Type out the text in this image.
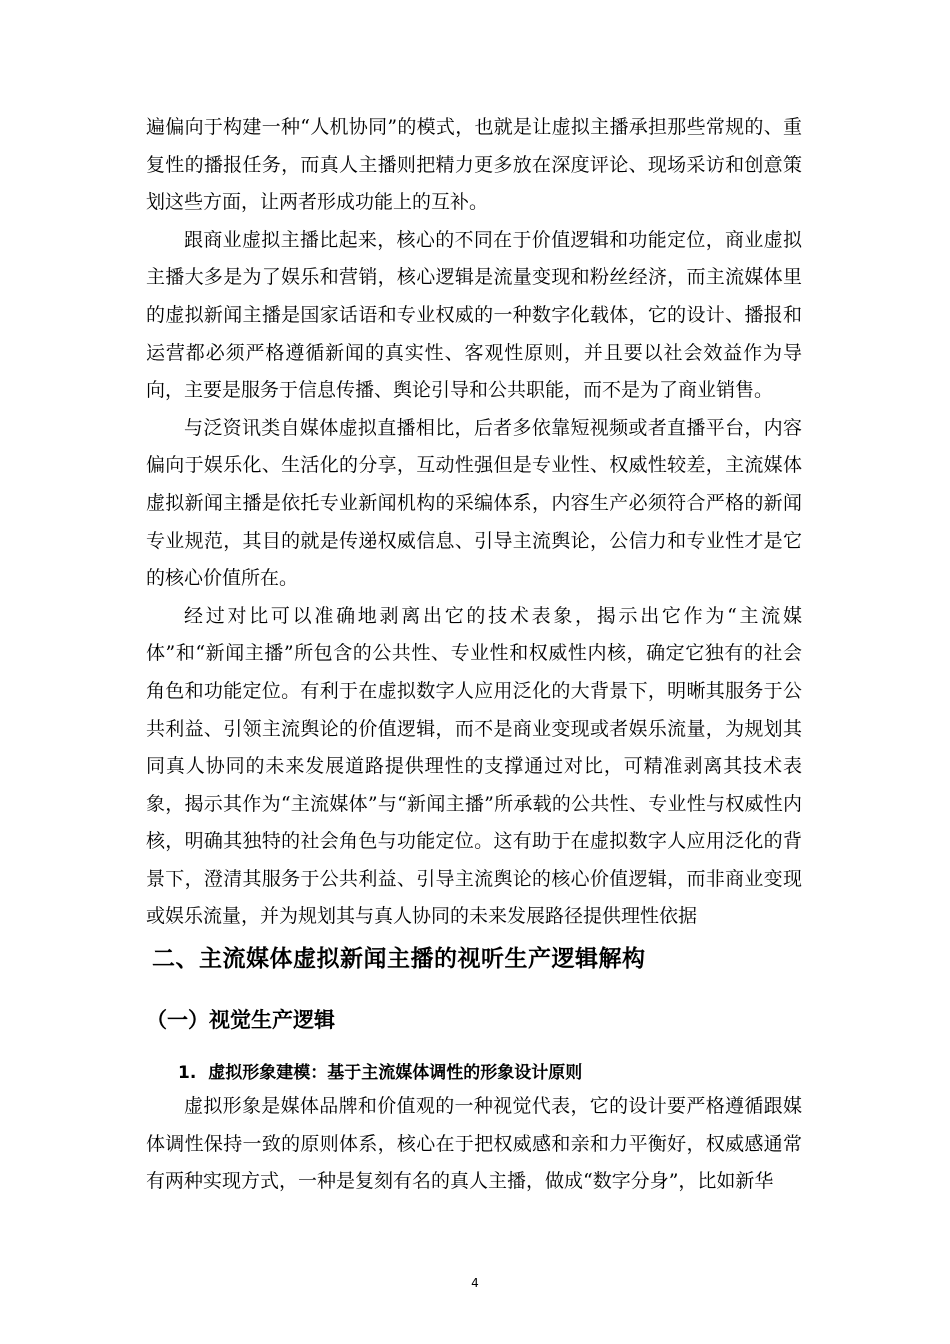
遍偏向于构建一种“人机协同”的模式，也就是让虚拟主播承担那些常规的、重复性的播报任务，而真人主播则把精力更多放在深度评论、现场采访和创意策划这些方面，让两者形成功能上的互补。

跟商业虚拟主播比起来，核心的不同在于价值逻辑和功能定位，商业虚拟主播大多是为了娱乐和营销，核心逻辑是流量变现和粉丝经济，而主流媒体里的虚拟新闻主播是国家话语和专业权威的一种数字化载体，它的设计、播报和运营都必须严格遵循新闻的真实性、客观性原则，并且要以社会效益作为导向，主要是服务于信息传播、舆论引导和公共职能，而不是为了商业销售。

与泛资讯类自媒体虚拟直播相比，后者多依靠短视频或者直播平台，内容偏向于娱乐化、生活化的分享，互动性强但是专业性、权威性较差，主流媒体虚拟新闻主播是依托专业新闻机构的采编体系，内容生产必须符合严格的新闻专业规范，其目的就是传递权威信息、引导主流舆论，公信力和专业性才是它的核心价值所在。

经过对比可以准确地剥离出它的技术表象，揭示出它作为“主流媒体”和“新闻主播”所包含的公共性、专业性和权威性内核，确定它独有的社会角色和功能定位。有利于在虚拟数字人应用泛化的大背景下，明晰其服务于公共利益、引领主流舆论的价值逻辑，而不是商业变现或者娱乐流量，为规划其同真人协同的未来发展道路提供理性的支撑通过对比，可精准剥离其技术表象，揭示其作为“主流媒体”与“新闻主播”所承载的公共性、专业性与权威性内核，明确其独特的社会角色与功能定位。这有助于在虚拟数字人应用泛化的背景下，澄清其服务于公共利益、引导主流舆论的核心价值逻辑，而非商业变现或娱乐流量，并为规划其与真人协同的未来发展路径提供理性依据

二、主流媒体虚拟新闻主播的视听生产逻辑解构
（一）视觉生产逻辑
1. 虚拟形象建模：基于主流媒体调性的形象设计原则

虚拟形象是媒体品牌和价值观的一种视觉代表，它的设计要严格遵循跟媒体调性保持一致的原则体系，核心在于把权威感和亲和力平衡好，权威感通常有两种实现方式，一种是复刻有名的真人主播，做成“数字分身”，比如新华

4
